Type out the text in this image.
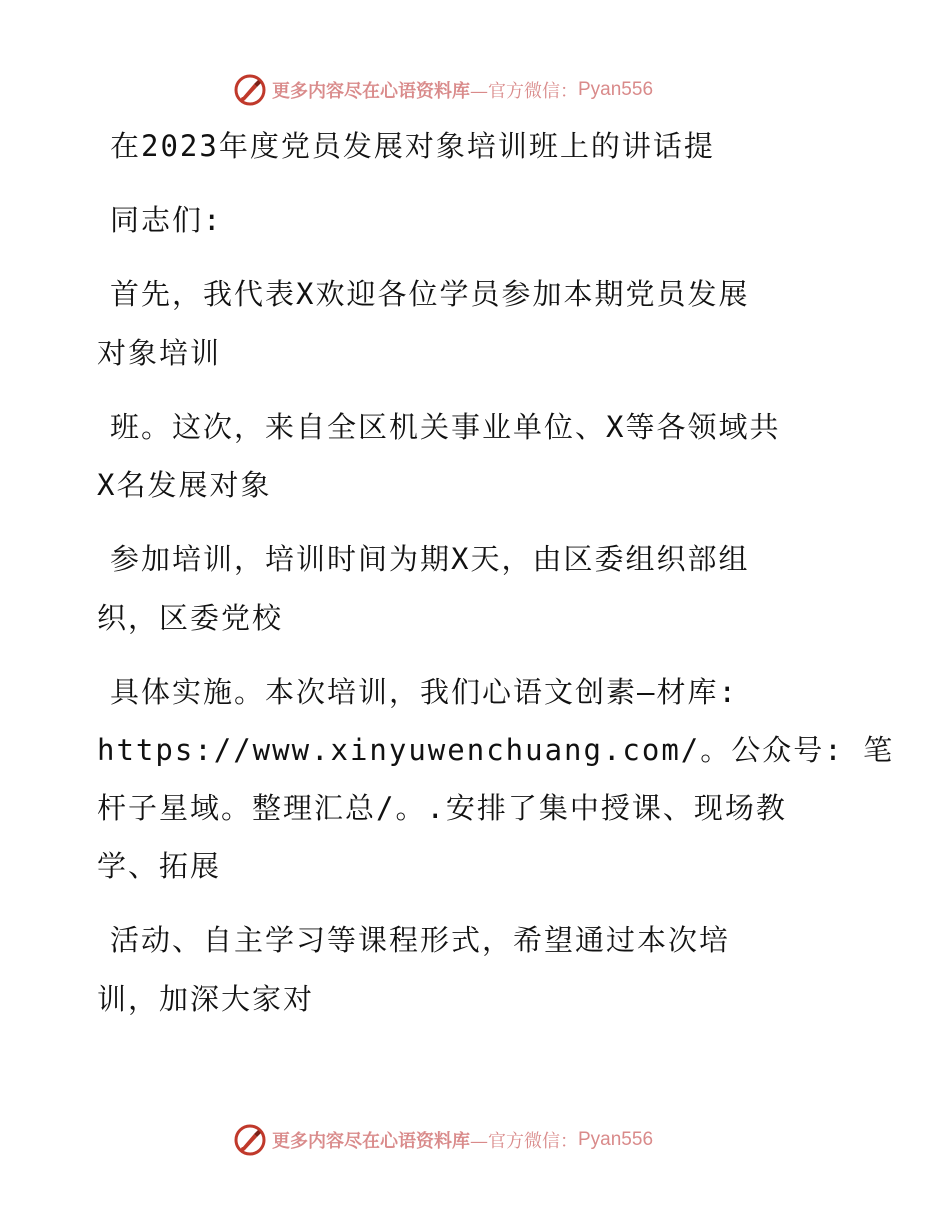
更多内容尽在心语资料库 —官方微信： Pyan556
在2023年度党员发展对象培训班上的讲话提
同志们:
首先，我代表X欢迎各位学员参加本期党员发展
对象培训
班。这次，来自全区机关事业单位、X等各领域共
X名发展对象
参加培训，培训时间为期X天，由区委组织部组
织，区委党校
具体实施。本次培训，我们心语文创素—材库:
https://www.xinyuwenchuang.com/。公众号: 笔
杆子星域。整理汇总/。.安排了集中授课、现场教
学、拓展
活动、自主学习等课程形式，希望通过本次培
训，加深大家对
更多内容尽在心语资料库 —官方微信： Pyan556
